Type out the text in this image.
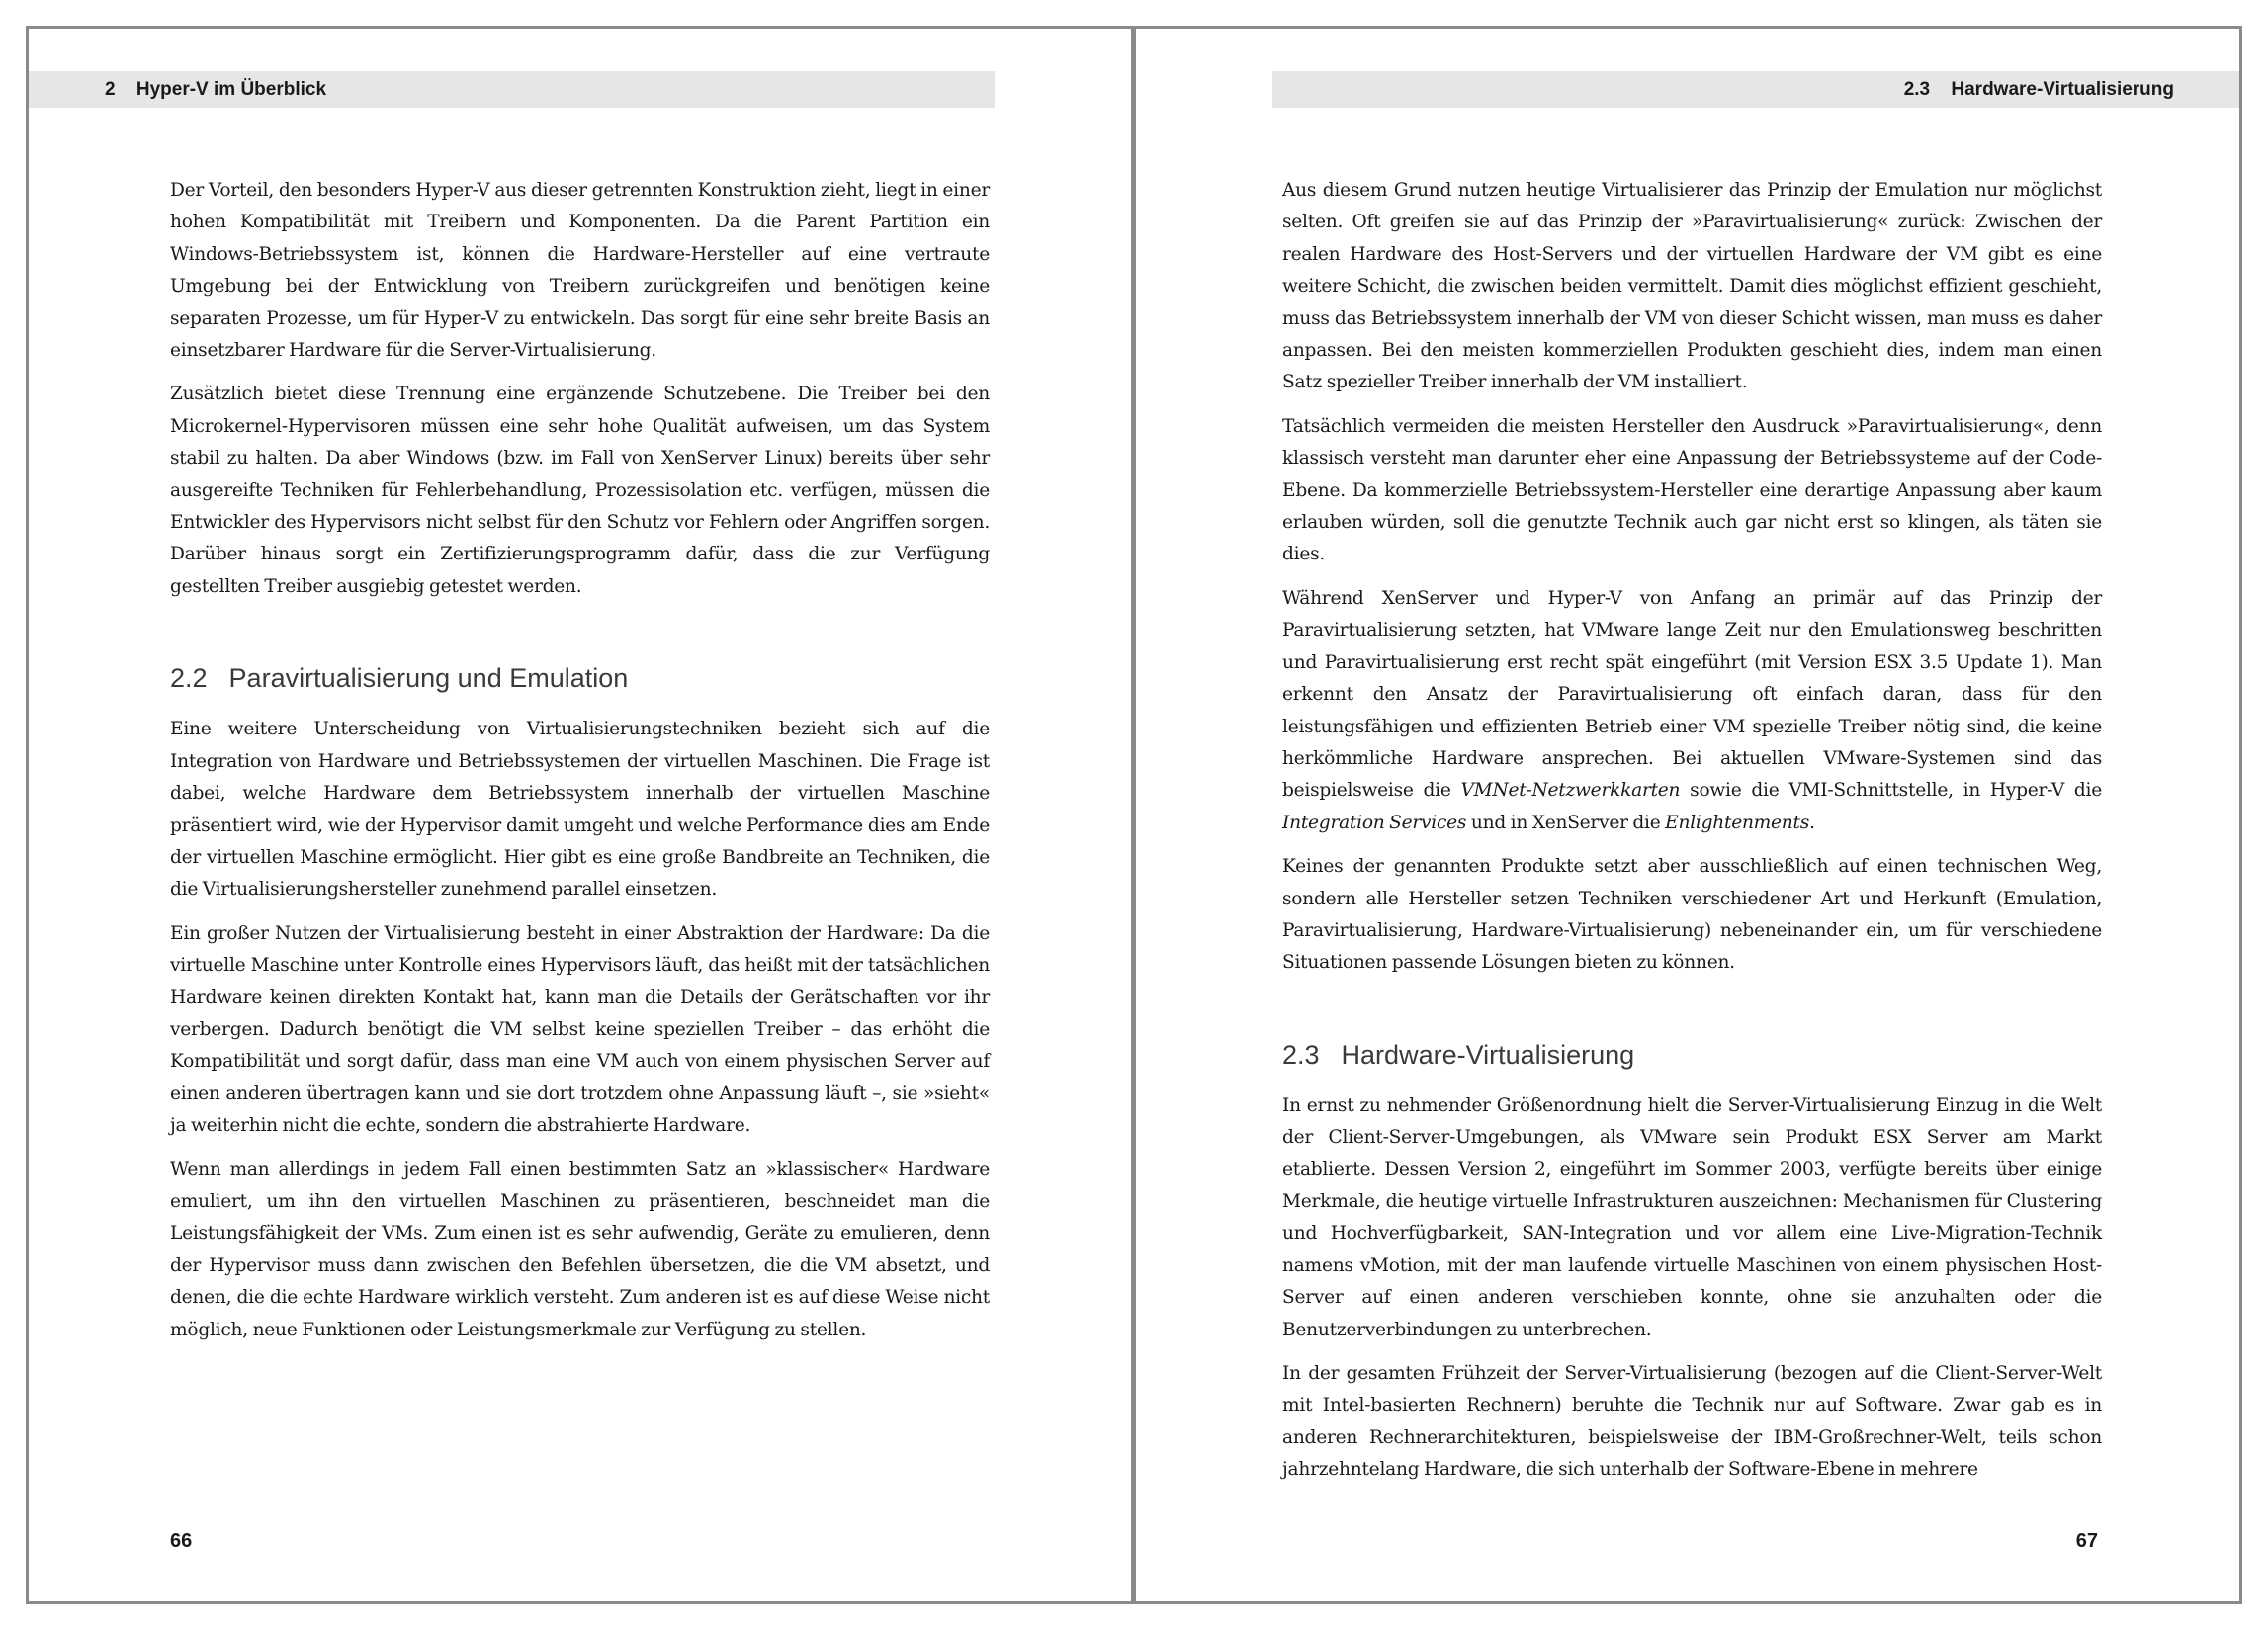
2 Hyper-V im Überblick

Der Vorteil, den besonders Hyper-V aus dieser getrennten Konstruktion zieht, liegt in einer hohen Kompatibilität mit Treibern und Komponenten. Da die Parent Partition ein Windows-Betriebssystem ist, können die Hardware-Hersteller auf eine vertraute Umgebung bei der Entwicklung von Treibern zurückgreifen und benötigen keine separaten Prozesse, um für Hyper-V zu entwickeln. Das sorgt für eine sehr breite Basis an einsetzbarer Hardware für die Server-Virtualisierung.

Zusätzlich bietet diese Trennung eine ergänzende Schutzebene. Die Treiber bei den Microkernel-Hypervisoren müssen eine sehr hohe Qualität aufweisen, um das System stabil zu halten. Da aber Windows (bzw. im Fall von XenServer Linux) bereits über sehr ausgereifte Techniken für Fehlerbehandlung, Prozessisolation etc. verfügen, müssen die Entwickler des Hypervisors nicht selbst für den Schutz vor Fehlern oder Angriffen sorgen. Darüber hinaus sorgt ein Zertifizierungsprogramm dafür, dass die zur Verfügung gestellten Treiber ausgiebig getestet werden.

2.2 Paravirtualisierung und Emulation

Eine weitere Unterscheidung von Virtualisierungstechniken bezieht sich auf die Integration von Hardware und Betriebssystemen der virtuellen Maschinen. Die Frage ist dabei, welche Hardware dem Betriebssystem innerhalb der virtuellen Maschine präsentiert wird, wie der Hypervisor damit umgeht und welche Performance dies am Ende der virtuellen Maschine ermöglicht. Hier gibt es eine große Bandbreite an Techniken, die die Virtualisierungshersteller zunehmend parallel einsetzen.

Ein großer Nutzen der Virtualisierung besteht in einer Abstraktion der Hardware: Da die virtuelle Maschine unter Kontrolle eines Hypervisors läuft, das heißt mit der tatsächlichen Hardware keinen direkten Kontakt hat, kann man die Details der Gerätschaften vor ihr verbergen. Dadurch benötigt die VM selbst keine speziellen Treiber – das erhöht die Kompatibilität und sorgt dafür, dass man eine VM auch von einem physischen Server auf einen anderen übertragen kann und sie dort trotzdem ohne Anpassung läuft –, sie »sieht« ja weiterhin nicht die echte, sondern die abstrahierte Hardware.

Wenn man allerdings in jedem Fall einen bestimmten Satz an »klassischer« Hardware emuliert, um ihn den virtuellen Maschinen zu präsentieren, beschneidet man die Leistungsfähigkeit der VMs. Zum einen ist es sehr aufwendig, Geräte zu emulieren, denn der Hypervisor muss dann zwischen den Befehlen übersetzen, die die VM absetzt, und denen, die die echte Hardware wirklich versteht. Zum anderen ist es auf diese Weise nicht möglich, neue Funktionen oder Leistungsmerkmale zur Verfügung zu stellen.

66
2.3 Hardware-Virtualisierung

Aus diesem Grund nutzen heutige Virtualisierer das Prinzip der Emulation nur möglichst selten. Oft greifen sie auf das Prinzip der »Paravirtualisierung« zurück: Zwischen der realen Hardware des Host-Servers und der virtuellen Hardware der VM gibt es eine weitere Schicht, die zwischen beiden vermittelt. Damit dies möglichst effizient geschieht, muss das Betriebssystem innerhalb der VM von dieser Schicht wissen, man muss es daher anpassen. Bei den meisten kommerziellen Produkten geschieht dies, indem man einen Satz spezieller Treiber innerhalb der VM installiert.

Tatsächlich vermeiden die meisten Hersteller den Ausdruck »Paravirtualisierung«, denn klassisch versteht man darunter eher eine Anpassung der Betriebssysteme auf der Code-Ebene. Da kommerzielle Betriebssystem-Hersteller eine derartige Anpassung aber kaum erlauben würden, soll die genutzte Technik auch gar nicht erst so klingen, als täten sie dies.

Während XenServer und Hyper-V von Anfang an primär auf das Prinzip der Paravirtualisierung setzten, hat VMware lange Zeit nur den Emulationsweg beschritten und Paravirtualisierung erst recht spät eingeführt (mit Version ESX 3.5 Update 1). Man erkennt den Ansatz der Paravirtualisierung oft einfach daran, dass für den leistungsfähigen und effizienten Betrieb einer VM spezielle Treiber nötig sind, die keine herkömmliche Hardware ansprechen. Bei aktuellen VMware-Systemen sind das beispielsweise die VMNet-Netzwerkkarten sowie die VMI-Schnittstelle, in Hyper-V die Integration Services und in XenServer die Enlightenments.

Keines der genannten Produkte setzt aber ausschließlich auf einen technischen Weg, sondern alle Hersteller setzen Techniken verschiedener Art und Herkunft (Emulation, Paravirtualisierung, Hardware-Virtualisierung) nebeneinander ein, um für verschiedene Situationen passende Lösungen bieten zu können.

2.3 Hardware-Virtualisierung

In ernst zu nehmender Größenordnung hielt die Server-Virtualisierung Einzug in die Welt der Client-Server-Umgebungen, als VMware sein Produkt ESX Server am Markt etablierte. Dessen Version 2, eingeführt im Sommer 2003, verfügte bereits über einige Merkmale, die heutige virtuelle Infrastrukturen auszeichnen: Mechanismen für Clustering und Hochverfügbarkeit, SAN-Integration und vor allem eine Live-Migration-Technik namens vMotion, mit der man laufende virtuelle Maschinen von einem physischen Host-Server auf einen anderen verschieben konnte, ohne sie anzuhalten oder die Benutzerverbindungen zu unterbrechen.

In der gesamten Frühzeit der Server-Virtualisierung (bezogen auf die Client-Server-Welt mit Intel-basierten Rechnern) beruhte die Technik nur auf Software. Zwar gab es in anderen Rechnerarchitekturen, beispielsweise der IBM-Großrechner-Welt, teils schon jahrzehntelang Hardware, die sich unterhalb der Software-Ebene in mehrere

67
